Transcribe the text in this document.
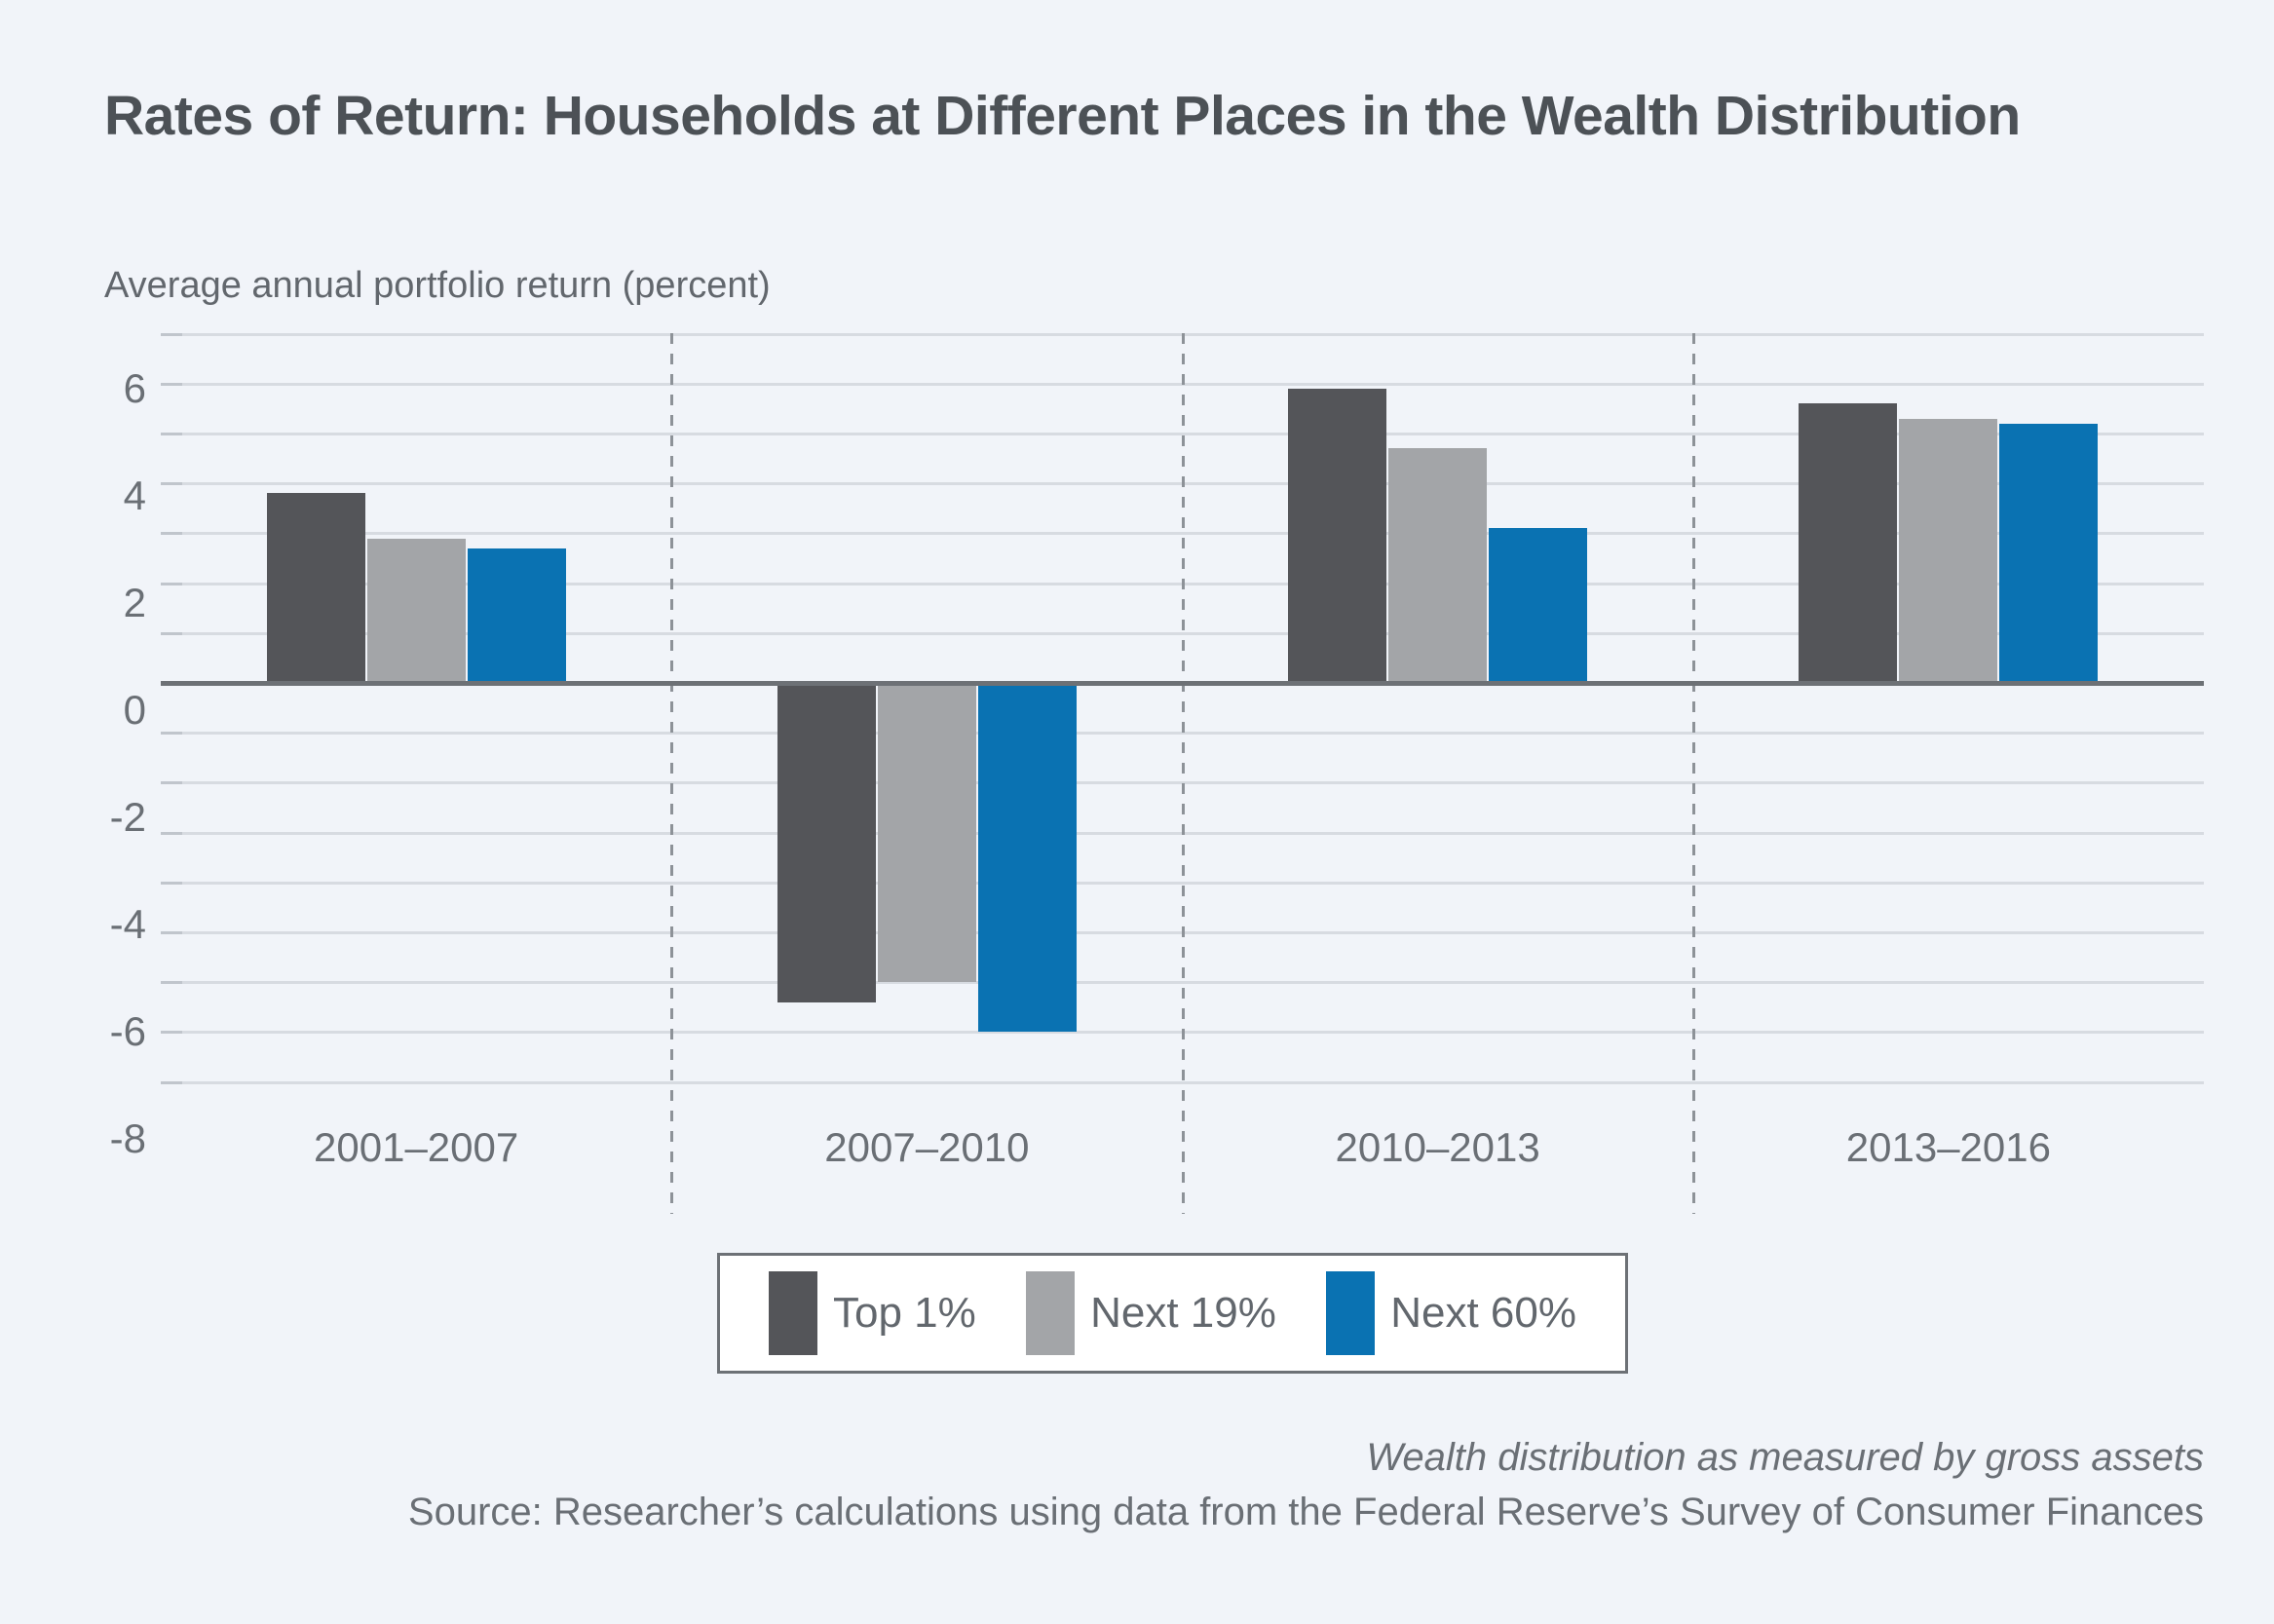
Rates of Return: Households at Different Places in the Wealth Distribution
Average annual portfolio return (percent)
6
4
2
0
-2
-4
-6
-8	2001–2007	2007–2010	2010–2013	2013–2016
Top 1%	Next 19%	Next 60%
Wealth distribution as measured by gross assets
Source: Researcher’s calculations using data from the Federal Reserve’s Survey of Consumer Finances
